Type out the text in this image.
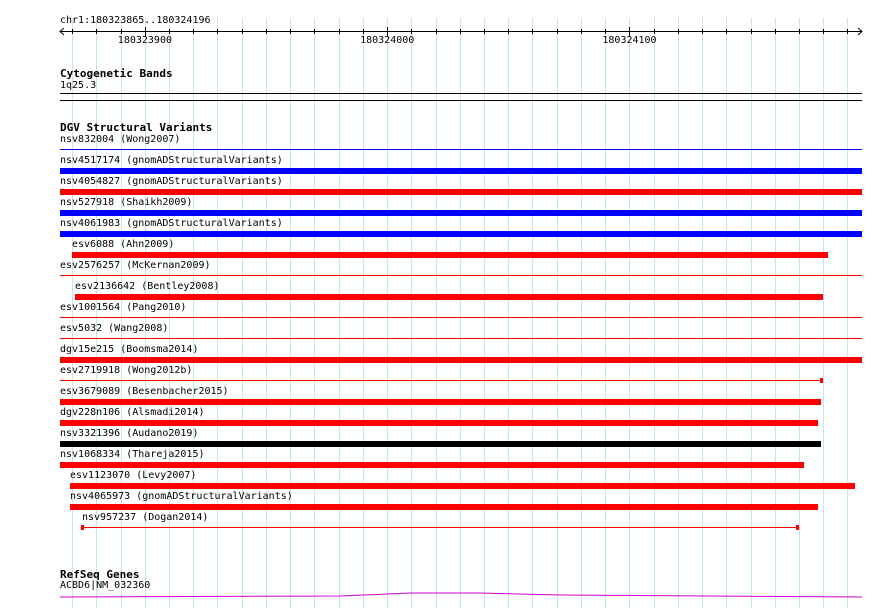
chr1:180323865..180324196
180323900	180324000	180324100
Cytogenetic Bands
1q25.3
DGV Structural Variants
nsv832004 (Wong2007)
nsv4517174 (gnomADStructuralVariants)
nsv4054827 (gnomADStructuralVariants)
nsv527918 (Shaikh2009)
nsv4061983 (gnomADStructuralVariants)
esv6088 (Ahn2009)
esv2576257 (McKernan2009)
esv2136642 (Bentley2008)
esv1001564 (Pang2010)
esv5032 (Wang2008)
dgv15e215 (Boomsma2014)
esv2719918 (Wong2012b)
esv3679089 (Besenbacher2015)
dgv228n106 (Alsmadi2014)
nsv3321396 (Audano2019)
nsv1068334 (Thareja2015)
esv1123070 (Levy2007)
nsv4065973 (gnomADStructuralVariants)
nsv957237 (Dogan2014)
RefSeq Genes
ACBD6|NM_032360
